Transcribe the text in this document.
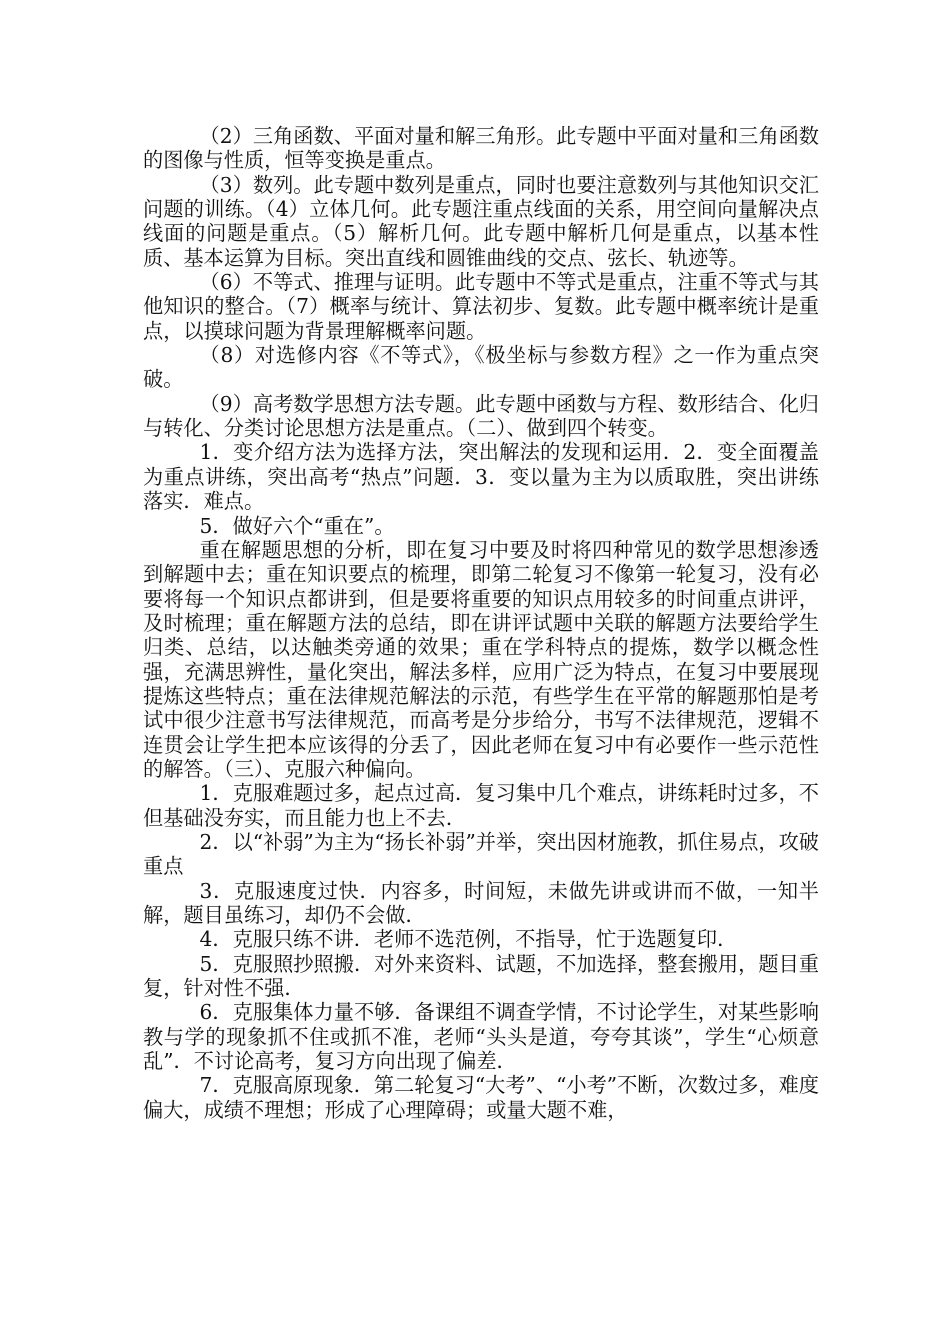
（2）三角函数、平面对量和解三角形。此专题中平面对量和三角函数的图像与性质，恒等变换是重点。

（3）数列。此专题中数列是重点，同时也要注意数列与其他知识交汇问题的训练。（4）立体几何。此专题注重点线面的关系，用空间向量解决点线面的问题是重点。（5）解析几何。此专题中解析几何是重点，以基本性质、基本运算为目标。突出直线和圆锥曲线的交点、弦长、轨迹等。

（6）不等式、推理与证明。此专题中不等式是重点，注重不等式与其他知识的整合。（7）概率与统计、算法初步、复数。此专题中概率统计是重点，以摸球问题为背景理解概率问题。

（8）对选修内容《不等式》，《极坐标与参数方程》之一作为重点突破。

（9）高考数学思想方法专题。此专题中函数与方程、数形结合、化归与转化、分类讨论思想方法是重点。（二）、做到四个转变。

1．变介绍方法为选择方法，突出解法的发现和运用．2．变全面覆盖为重点讲练，突出高考“热点”问题．3．变以量为主为以质取胜，突出讲练落实．难点。

5．做好六个“重在”。

重在解题思想的分析，即在复习中要及时将四种常见的数学思想渗透到解题中去；重在知识要点的梳理，即第二轮复习不像第一轮复习，没有必要将每一个知识点都讲到，但是要将重要的知识点用较多的时间重点讲评，及时梳理；重在解题方法的总结，即在讲评试题中关联的解题方法要给学生归类、总结，以达触类旁通的效果；重在学科特点的提炼，数学以概念性强，充满思辨性，量化突出，解法多样，应用广泛为特点，在复习中要展现提炼这些特点；重在法律规范解法的示范，有些学生在平常的解题那怕是考试中很少注意书写法律规范，而高考是分步给分，书写不法律规范，逻辑不连贯会让学生把本应该得的分丢了，因此老师在复习中有必要作一些示范性的解答。（三）、克服六种偏向。

1．克服难题过多，起点过高．复习集中几个难点，讲练耗时过多，不但基础没夯实，而且能力也上不去．

2．以“补弱”为主为“扬长补弱”并举，突出因材施教，抓住易点，攻破重点

3．克服速度过快．内容多，时间短，未做先讲或讲而不做，一知半解，题目虽练习，却仍不会做．

4．克服只练不讲．老师不选范例，不指导，忙于选题复印．

5．克服照抄照搬．对外来资料、试题，不加选择，整套搬用，题目重复，针对性不强．

6．克服集体力量不够．备课组不调查学情，不讨论学生，对某些影响教与学的现象抓不住或抓不准，老师“头头是道，夸夸其谈”，学生“心烦意乱”．不讨论高考，复习方向出现了偏差．

7．克服高原现象．第二轮复习“大考”、“小考”不断，次数过多，难度偏大，成绩不理想；形成了心理障碍；或量大题不难，
